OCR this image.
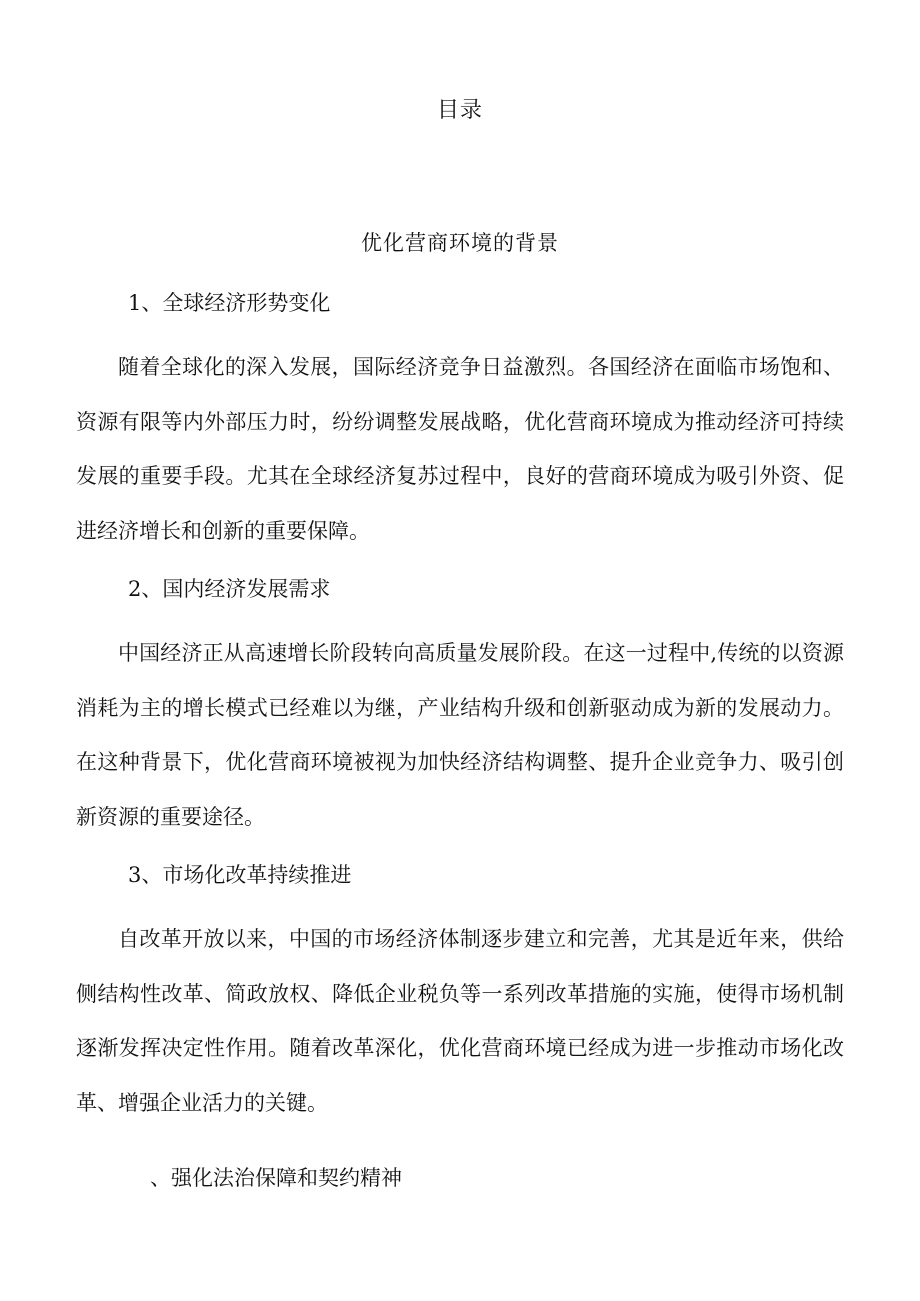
目录
优化营商环境的背景
1、全球经济形势变化
随着全球化的深入发展，国际经济竞争日益激烈。各国经济在面临市场饱和、资源有限等内外部压力时，纷纷调整发展战略，优化营商环境成为推动经济可持续发展的重要手段。尤其在全球经济复苏过程中，良好的营商环境成为吸引外资、促进经济增长和创新的重要保障。
2、国内经济发展需求
中国经济正从高速增长阶段转向高质量发展阶段。在这一过程中,传统的以资源消耗为主的增长模式已经难以为继，产业结构升级和创新驱动成为新的发展动力。在这种背景下，优化营商环境被视为加快经济结构调整、提升企业竞争力、吸引创新资源的重要途径。
3、市场化改革持续推进
自改革开放以来，中国的市场经济体制逐步建立和完善，尤其是近年来，供给侧结构性改革、简政放权、降低企业税负等一系列改革措施的实施，使得市场机制逐渐发挥决定性作用。随着改革深化，优化营商环境已经成为进一步推动市场化改革、增强企业活力的关键。
、强化法治保障和契约精神
